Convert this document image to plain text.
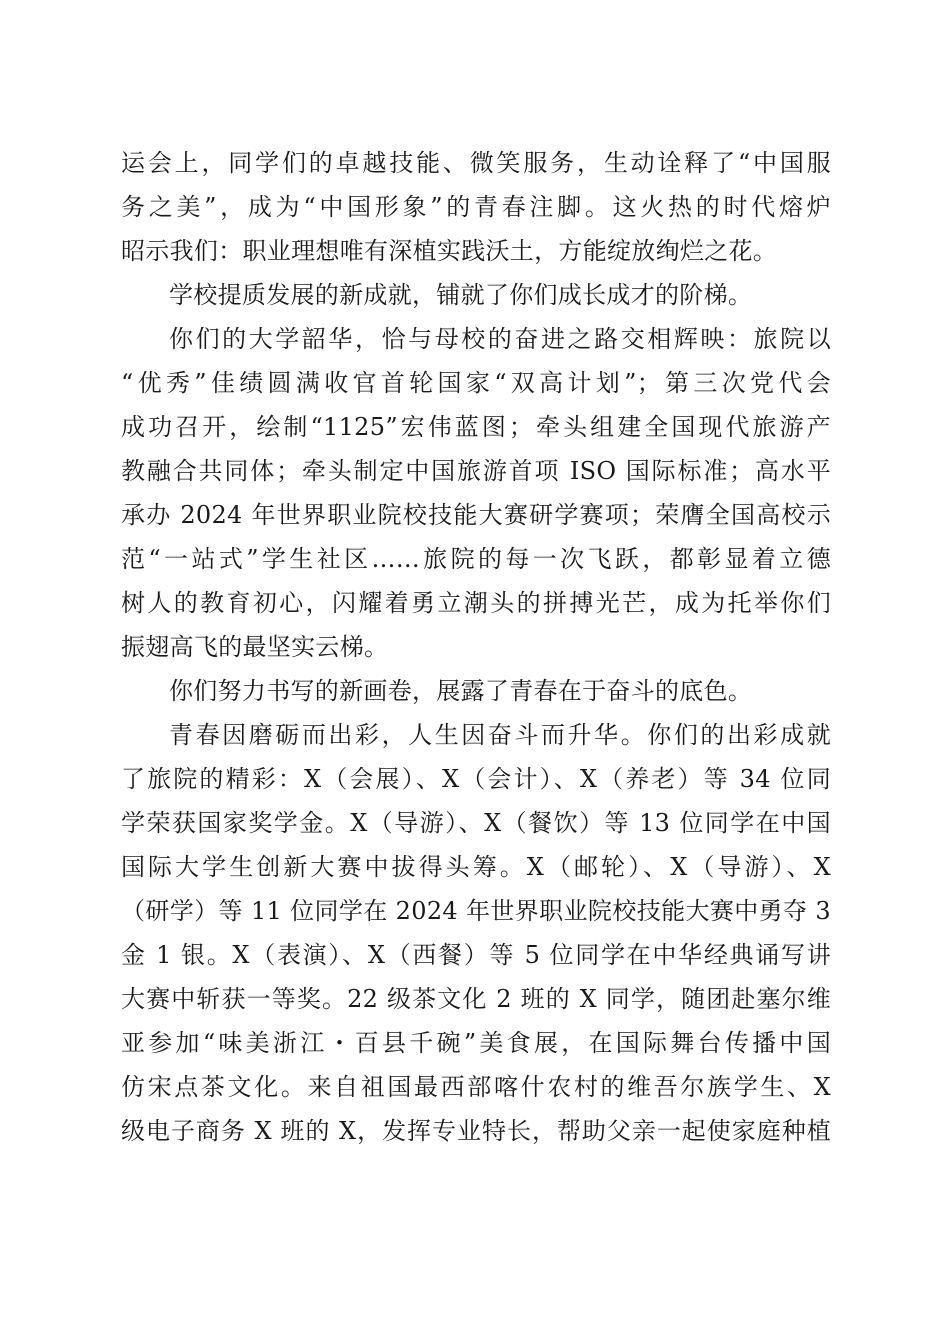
运会上，同学们的卓越技能、微笑服务，生动诠释了“中国服
务之美”，成为“中国形象”的青春注脚。这火热的时代熔炉
昭示我们：职业理想唯有深植实践沃土，方能绽放绚烂之花。
学校提质发展的新成就，铺就了你们成长成才的阶梯。
你们的大学韶华，恰与母校的奋进之路交相辉映：旅院以
“优秀”佳绩圆满收官首轮国家“双高计划”；第三次党代会
成功召开，绘制“1125”宏伟蓝图；牵头组建全国现代旅游产
教融合共同体；牵头制定中国旅游首项 ISO 国际标准；高水平
承办 2024 年世界职业院校技能大赛研学赛项；荣膺全国高校示
范“一站式”学生社区……旅院的每一次飞跃，都彰显着立德
树人的教育初心，闪耀着勇立潮头的拼搏光芒，成为托举你们
振翅高飞的最坚实云梯。
你们努力书写的新画卷，展露了青春在于奋斗的底色。
青春因磨砺而出彩，人生因奋斗而升华。你们的出彩成就
了旅院的精彩：X（会展）、X（会计）、X（养老）等 34 位同
学荣获国家奖学金。X（导游）、X（餐饮）等 13 位同学在中国
国际大学生创新大赛中拔得头筹。X（邮轮）、X（导游）、X
（研学）等 11 位同学在 2024 年世界职业院校技能大赛中勇夺 3
金 1 银。X（表演）、X（西餐）等 5 位同学在中华经典诵写讲
大赛中斩获一等奖。22 级茶文化 2 班的 X 同学，随团赴塞尔维
亚参加“味美浙江・百县千碗”美食展，在国际舞台传播中国
仿宋点茶文化。来自祖国最西部喀什农村的维吾尔族学生、X
级电子商务 X 班的 X，发挥专业特长，帮助父亲一起使家庭种植
